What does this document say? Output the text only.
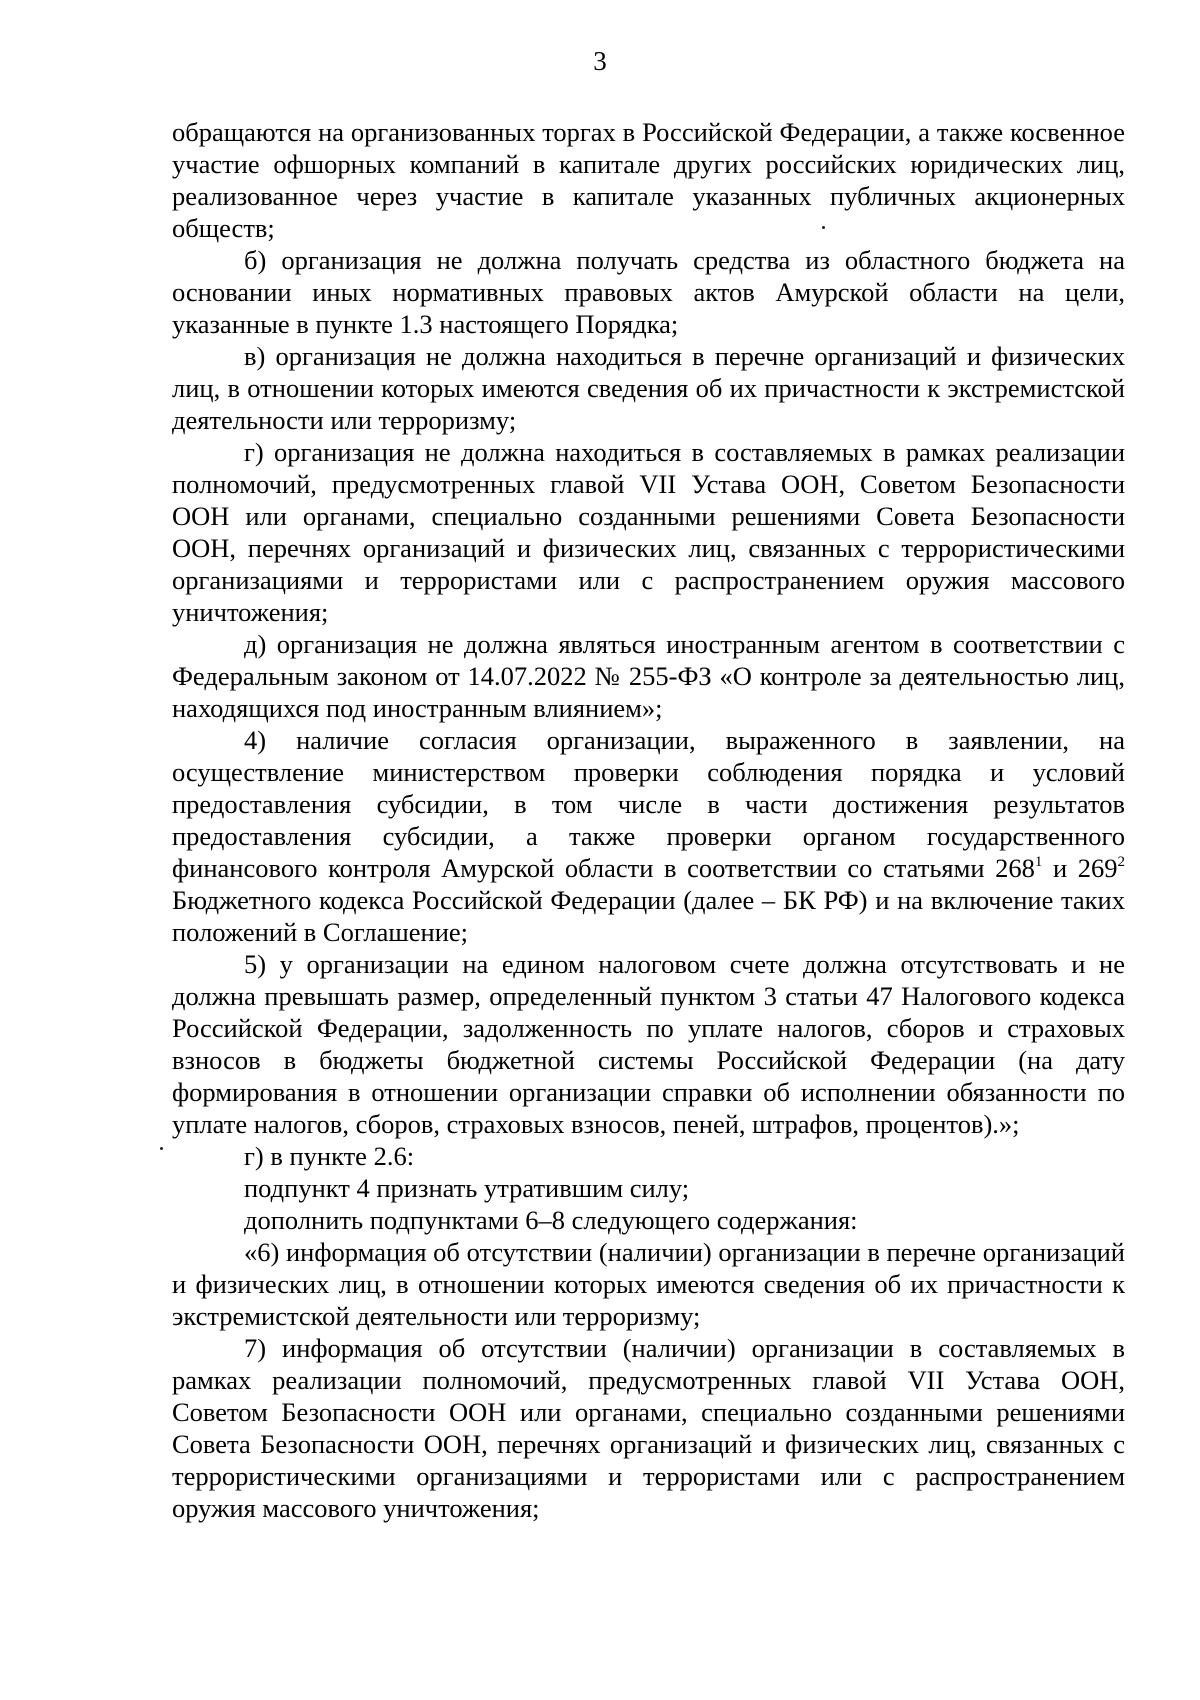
3

обращаются на организованных торгах в Российской Федерации, а также косвенное участие офшорных компаний в капитале других российских юридических лиц, реализованное через участие в капитале указанных публичных акционерных обществ;

б) организация не должна получать средства из областного бюджета на основании иных нормативных правовых актов Амурской области на цели, указанные в пункте 1.3 настоящего Порядка;

в) организация не должна находиться в перечне организаций и физических лиц, в отношении которых имеются сведения об их причастности к экстремистской деятельности или терроризму;

г) организация не должна находиться в составляемых в рамках реализации полномочий, предусмотренных главой VII Устава ООН, Советом Безопасности ООН или органами, специально созданными решениями Совета Безопасности ООН, перечнях организаций и физических лиц, связанных с террористическими организациями и террористами или с распространением оружия массового уничтожения;

д) организация не должна являться иностранным агентом в соответствии с Федеральным законом от 14.07.2022 № 255-ФЗ «О контроле за деятельностью лиц, находящихся под иностранным влиянием»;

4) наличие согласия организации, выраженного в заявлении, на осуществление министерством проверки соблюдения порядка и условий предоставления субсидии, в том числе в части достижения результатов предоставления субсидии, а также проверки органом государственного финансового контроля Амурской области в соответствии со статьями $268^1$ и $269^2$ Бюджетного кодекса Российской Федерации (далее – БК РФ) и на включение таких положений в Соглашение;

5) у организации на едином налоговом счете должна отсутствовать и не должна превышать размер, определенный пунктом 3 статьи 47 Налогового кодекса Российской Федерации, задолженность по уплате налогов, сборов и страховых взносов в бюджеты бюджетной системы Российской Федерации (на дату формирования в отношении организации справки об исполнении обязанности по уплате налогов, сборов, страховых взносов, пеней, штрафов, процентов).»;

г) в пункте 2.6:

подпункт 4 признать утратившим силу;

дополнить подпунктами 6–8 следующего содержания:

«6) информация об отсутствии (наличии) организации в перечне организаций и физических лиц, в отношении которых имеются сведения об их причастности к экстремистской деятельности или терроризму;

7) информация об отсутствии (наличии) организации в составляемых в рамках реализации полномочий, предусмотренных главой VII Устава ООН, Советом Безопасности ООН или органами, специально созданными решениями Совета Безопасности ООН, перечнях организаций и физических лиц, связанных с террористическими организациями и террористами или с распространением оружия массового уничтожения;
